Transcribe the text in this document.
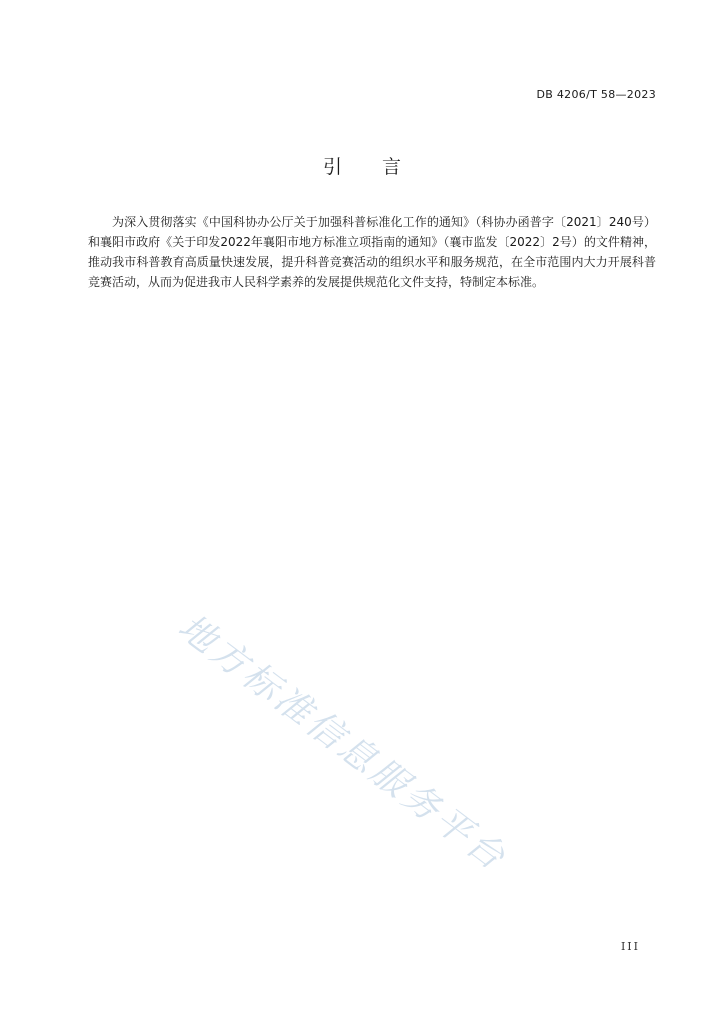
DB 4206/T 58—2023
引 言

为深入贯彻落实《中国科协办公厅关于加强科普标准化工作的通知》（科协办函普字〔2021〕240号）和襄阳市政府《关于印发2022年襄阳市地方标准立项指南的通知》（襄市监发〔2022〕2号）的文件精神，推动我市科普教育高质量快速发展，提升科普竞赛活动的组织水平和服务规范，在全市范围内大力开展科普竞赛活动，从而为促进我市人民科学素养的发展提供规范化文件支持，特制定本标准。

地方标准信息服务平台
III
